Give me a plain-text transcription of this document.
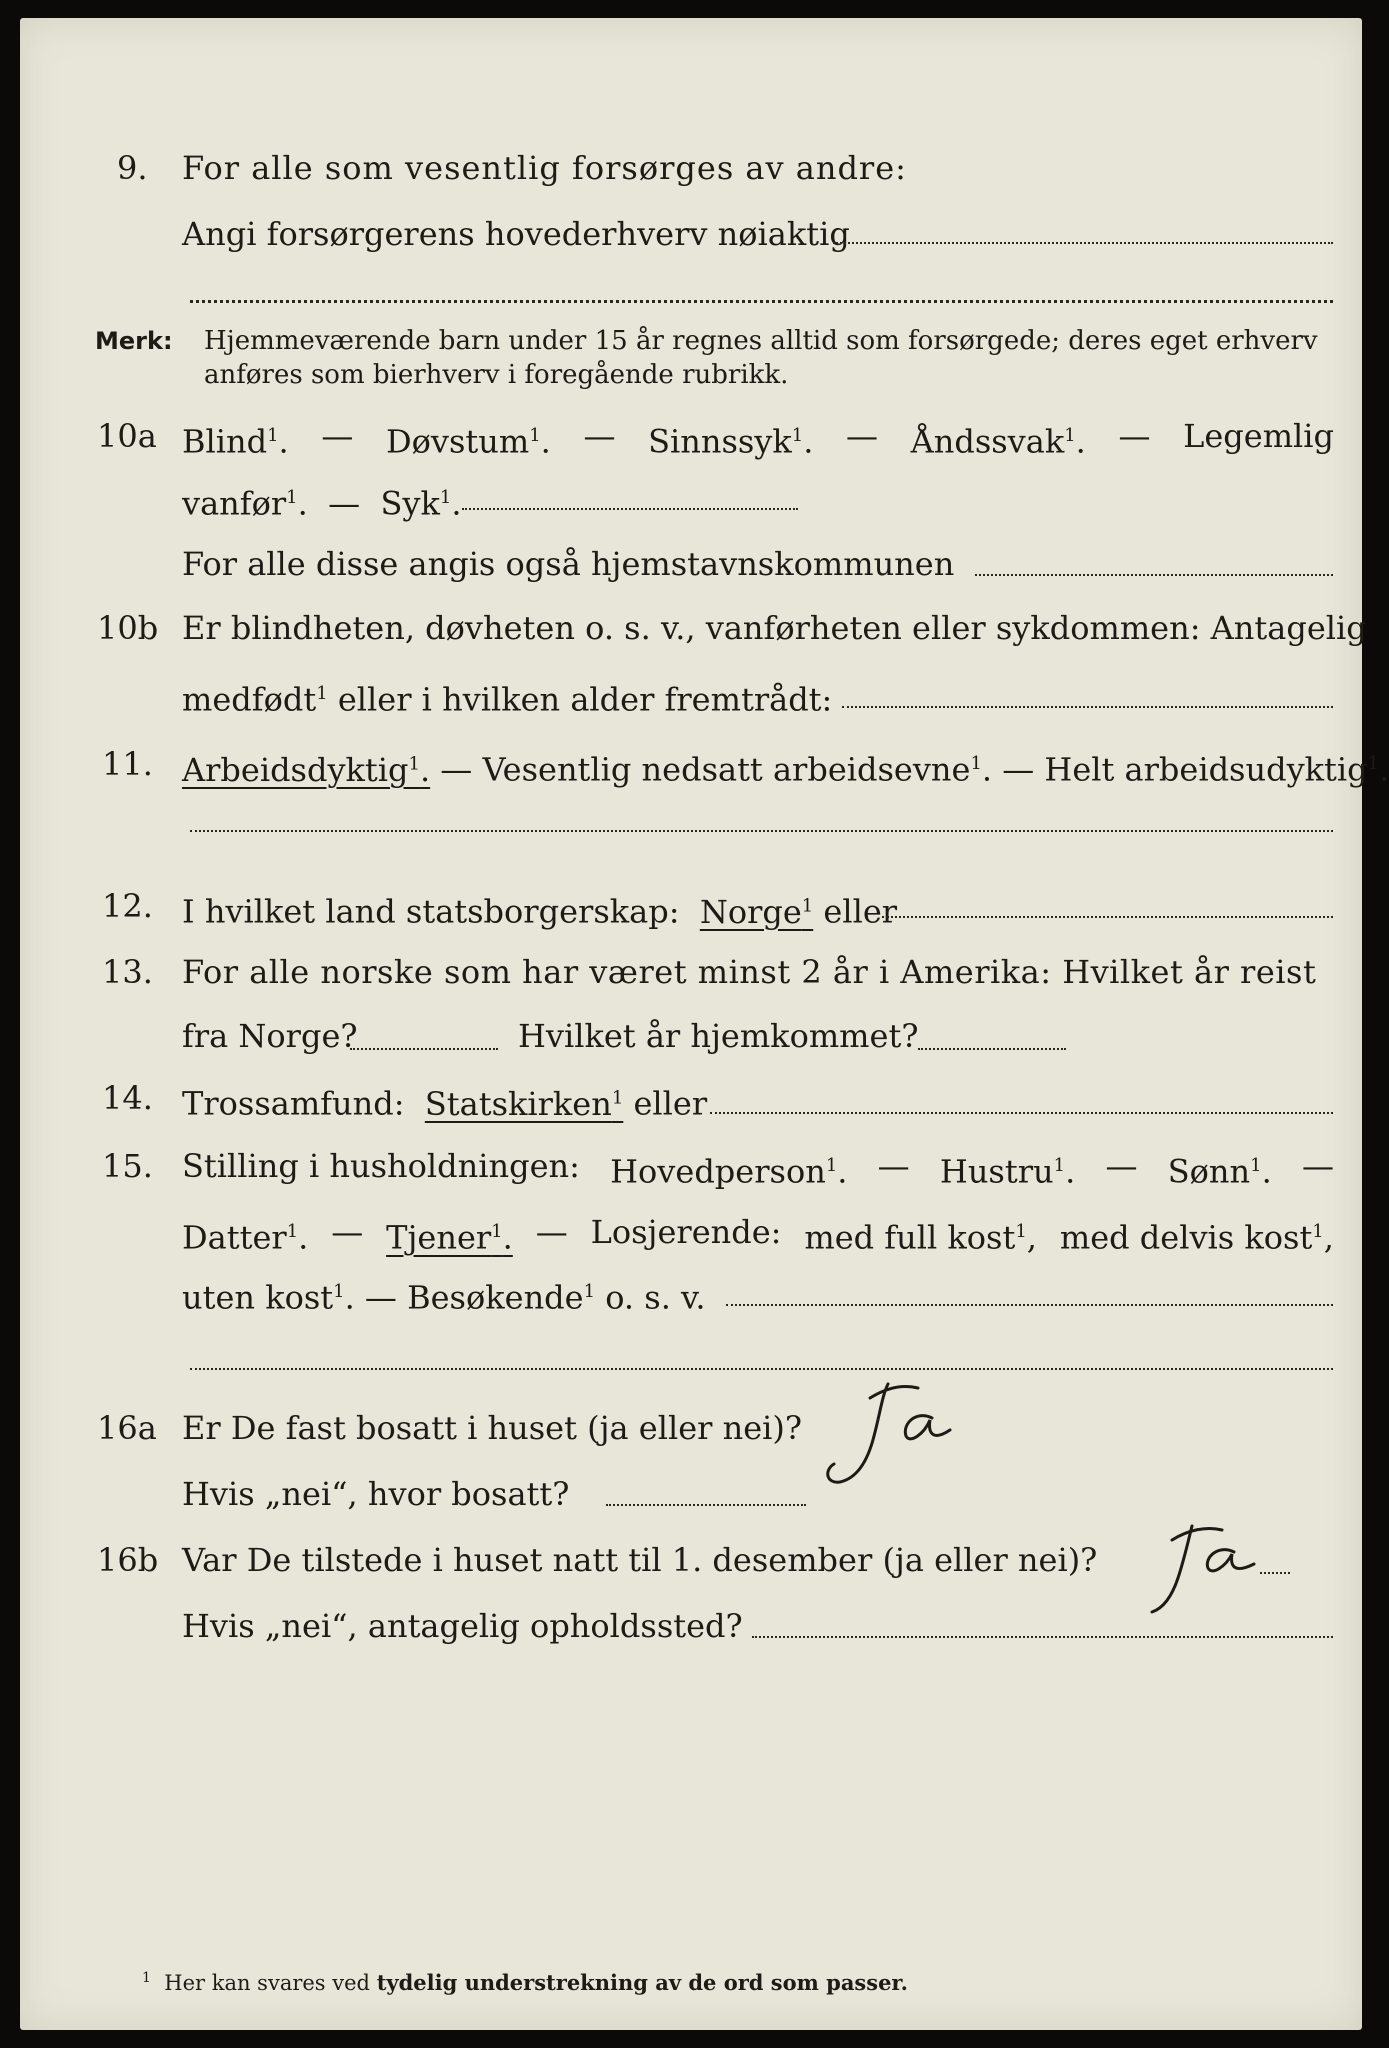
9. For alle som vesentlig forsørges av andre:
Angi forsørgerens hovederhverv nøiaktig
Merk: Hjemmeværende barn under 15 år regnes alltid som forsørgede; deres eget erhverv
anføres som bierhverv i foregående rubrikk.
10a Blind$^1$. — Døvstum$^1$. — Sinnssyk$^1$. — Åndssvak$^1$. — Legemlig
vanfør$^1$.  —  Syk$^1$.
For alle disse angis også hjemstavnskommunen
10b Er blindheten, døvheten o. s. v., vanførheten eller sykdommen: Antagelig
medfødt$^1$ eller i hvilken alder fremtrådt:
11. Arbeidsdyktig$^1$. — Vesentlig nedsatt arbeidsevne$^1$. — Helt arbeidsudyktig$^1$.
12. I hvilket land statsborgerskap: Norge$^1$ eller
13. For alle norske som har været minst 2 år i Amerika: Hvilket år reist
fra Norge?	Hvilket år hjemkommet?
14. Trossamfund: Statskirken$^1$ eller
15. Stilling i husholdningen: Hovedperson$^1$. — Hustru$^1$. — Sønn$^1$. —
Datter$^1$. — Tjener$^1$. — Losjerende: med full kost$^1$, med delvis kost$^1$,
uten kost$^1$. — Besøkende$^1$ o. s. v.
16a Er De fast bosatt i huset (ja eller nei)?
Ja
Hvis „nei“, hvor bosatt?
16b Var De tilstede i huset natt til 1. desember (ja eller nei)?
Ja
Hvis „nei“, antagelig opholdssted?
$^1$ Her kan svares ved tydelig understrekning av de ord som passer.
